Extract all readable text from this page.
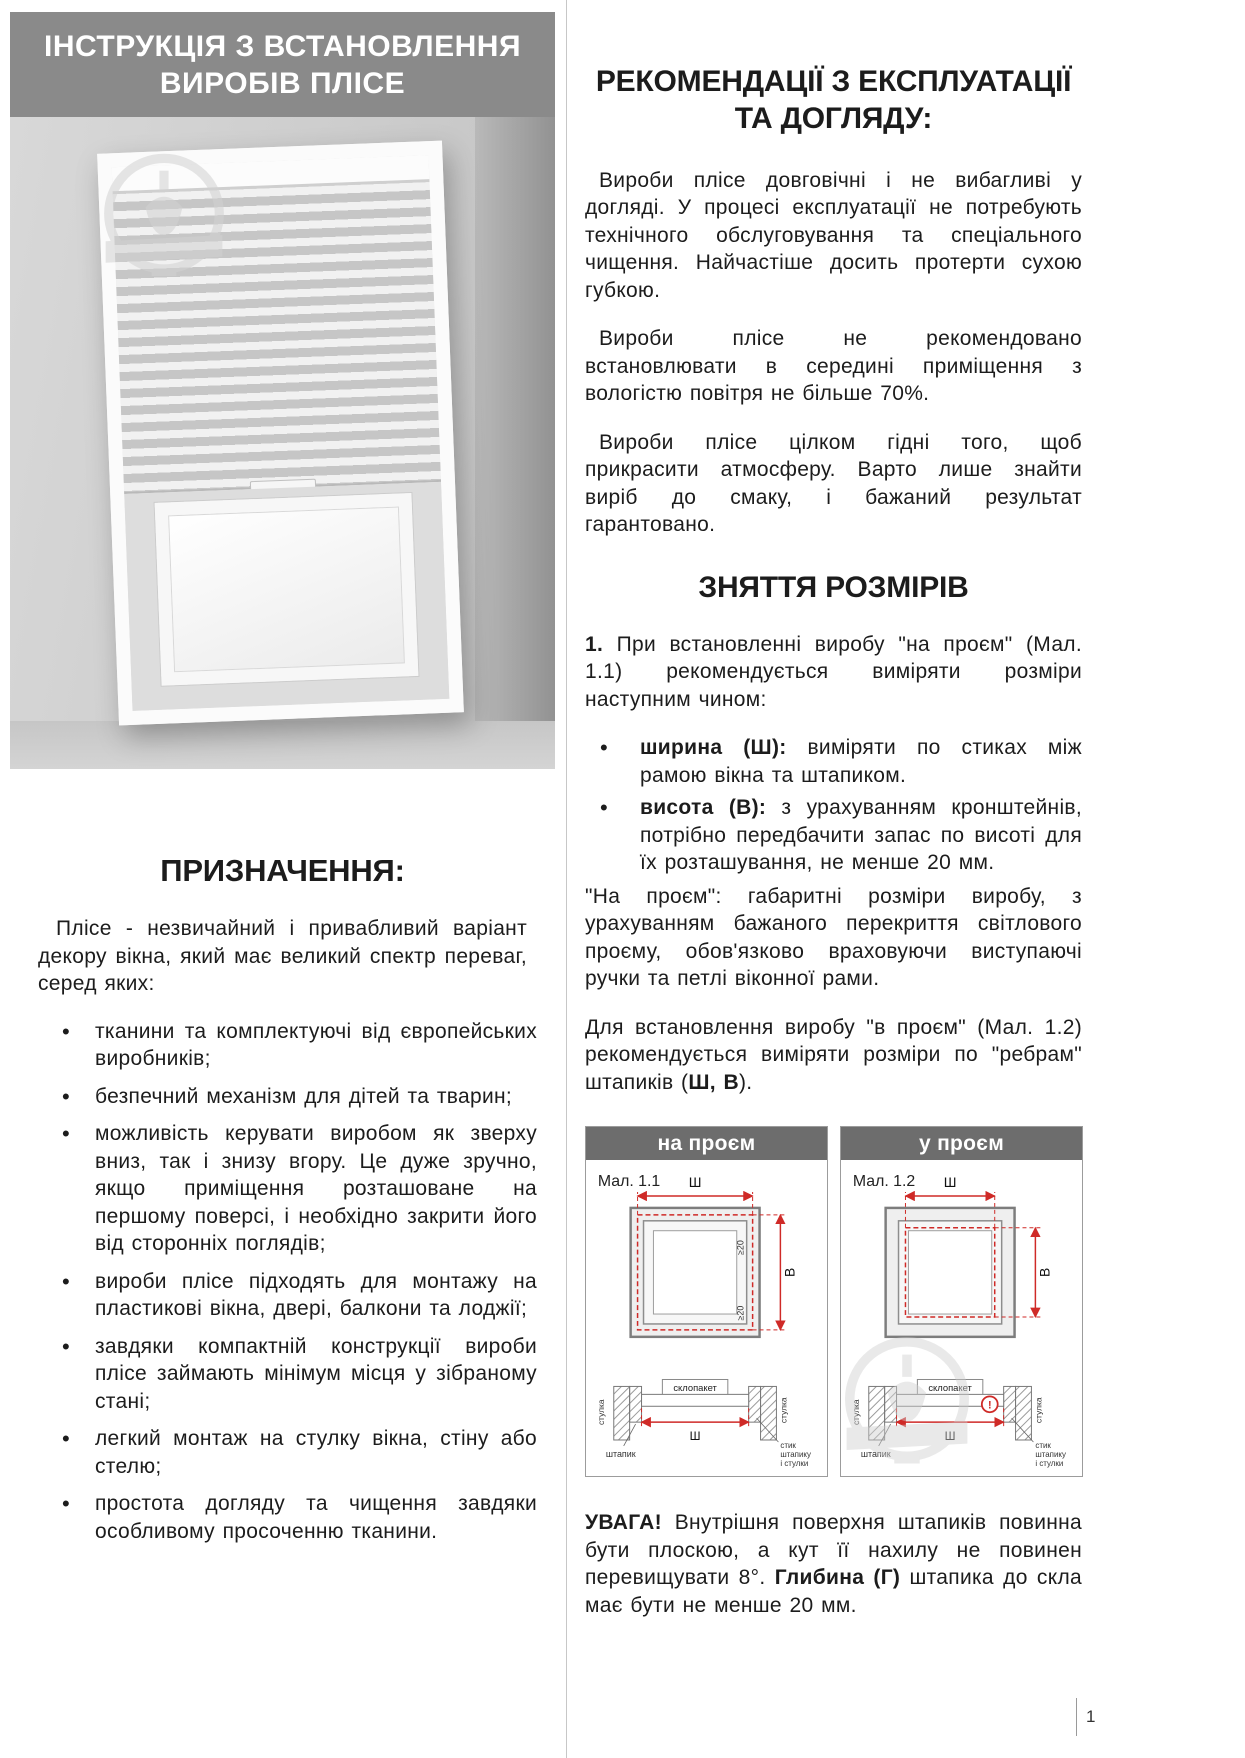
ІНСТРУКЦІЯ З ВСТАНОВЛЕННЯ
ВИРОБІВ ПЛІСЕ
ПРИЗНАЧЕННЯ:

Плісе - незвичайний і привабливий варіант декору вікна, який має великий спектр переваг, серед яких:

• тканини та комплектуючі від європейських виробників;
• безпечний механізм для дітей та тварин;
• можливість керувати виробом як зверху вниз, так і знизу вгору. Це дуже зручно, якщо приміщення розташоване на першому поверсі, і необхідно закрити його від сторонніх поглядів;
• вироби плісе підходять для монтажу на пластикові вікна, двері, балкони та лоджії;
• завдяки компактній конструкції вироби плісе займають мінімум місця у зібраному стані;
• легкий монтаж на стулку вікна, стіну або стелю;
• простота догляду та чищення завдяки особливому просоченню тканини.
РЕКОМЕНДАЦІЇ З ЕКСПЛУАТАЦІЇ
ТА ДОГЛЯДУ:

Вироби плісе довговічні і не вибагливі у догляді. У процесі експлуатації не потребують технічного обслуговування та спеціального чищення. Найчастіше досить протерти сухою губкою.

Вироби плісе не рекомендовано встановлювати в середині приміщення з вологістю повітря не більше 70%.

Вироби плісе цілком гідні того, щоб прикрасити атмосферу. Варто лише знайти виріб до смаку, і бажаний результат гарантовано.

ЗНЯТТЯ РОЗМІРІВ

1. При встановленні виробу "на проєм" (Мал. 1.1) рекомендується виміряти розміри наступним чином:

• ширина (Ш): виміряти по стиках між рамою вікна та штапиком.
• висота (В): з урахуванням кронштейнів, потрібно передбачити запас по висоті для їх розташування, не менше 20 мм.

"На проєм": габаритні розміри виробу, з урахуванням бажаного перекриття світлового проєму, обов'язково враховуючи виступаючі ручки та петлі віконної рами.

Для встановлення виробу "в проєм" (Мал. 1.2) рекомендується виміряти розміри по "ребрам" штапиків (Ш, В).

на проєм
Мал. 1.1 Ш
В
≥20
≥20
склопакет
Ш
стулка	стулка
штапик
стик
штапику
і стулки
у проєм
Мал. 1.2 Ш
В
склопакет
!
Ш
стулка	стулка
штапик
стик
штапику
і стулки

УВАГА! Внутрішня поверхня штапиків повинна бути плоскою, а кут її нахилу не повинен перевищувати 8°. Глибина (Г) штапика до скла має бути не менше 20 мм.

1
